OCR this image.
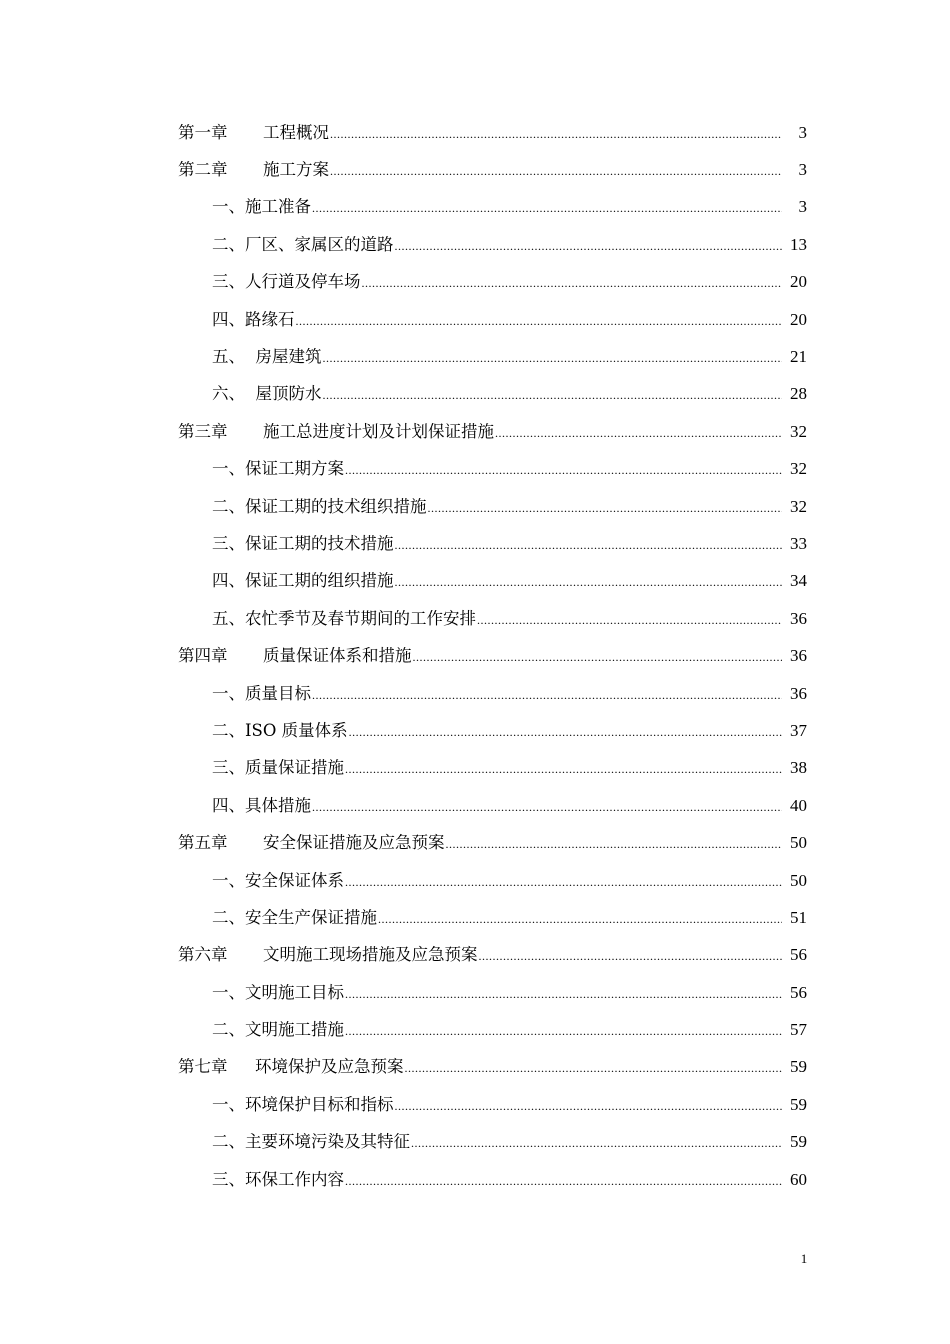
第一章	工程概况 .....	3
第二章	施工方案 .....	3
一、 施工准备 .....	3
二、 厂区、家属区的道路 .....	13
三、 人行道及停车场 .....	20
四、 路缘石 .....	20
五、 房屋建筑 .....	21
六、 屋顶防水 .....	28
第三章	施工总进度计划及计划保证措施 .....	32
一、 保证工期方案 .....	32
二、 保证工期的技术组织措施 .....	32
三、 保证工期的技术措施 .....	33
四、 保证工期的组织措施 .....	34
五、 农忙季节及春节期间的工作安排 .....	36
第四章	质量保证体系和措施 .....	36
一、 质量目标 .....	36
二、 ISO 质量体系 .....	37
三、 质量保证措施 .....	38
四、 具体措施 .....	40
第五章	安全保证措施及应急预案 .....	50
一、 安全保证体系 .....	50
二、 安全生产保证措施 .....	51
第六章	文明施工现场措施及应急预案 .....	56
一、 文明施工目标 .....	56
二、 文明施工措施 .....	57
第七章	环境保护及应急预案 .....	59
一、 环境保护目标和指标 .....	59
二、 主要环境污染及其特征 .....	59
三、 环保工作内容 .....	60
1
